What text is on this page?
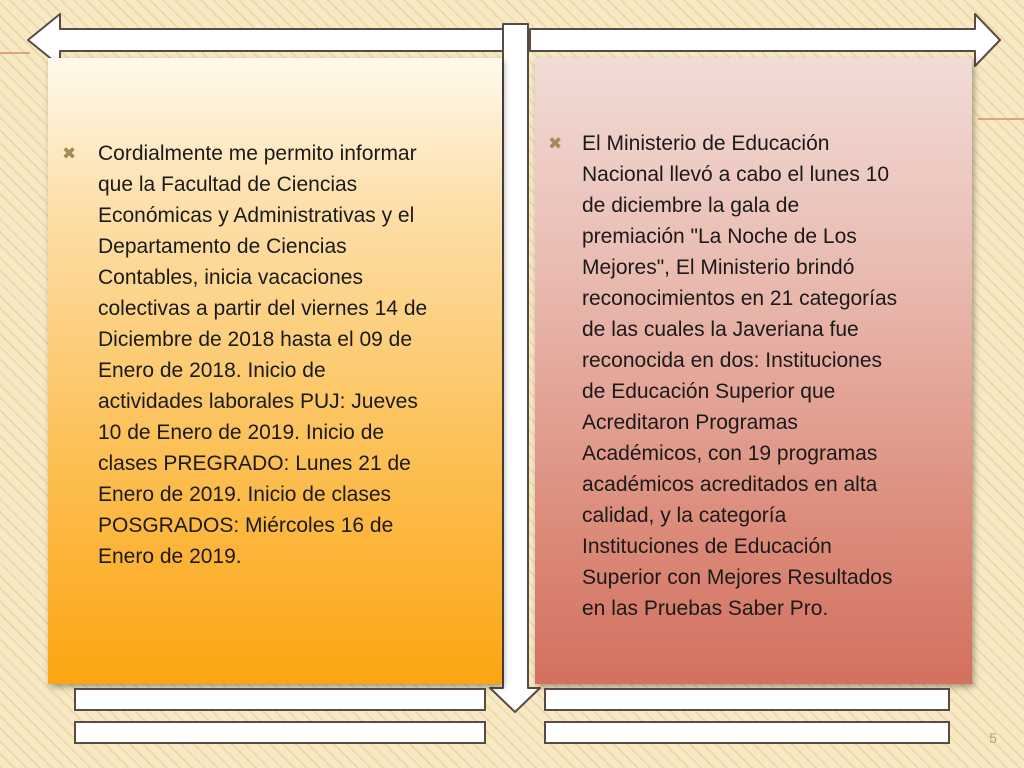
✖	Cordialmente me permito informar
que la Facultad de Ciencias
Económicas y Administrativas y el
Departamento de Ciencias
Contables, inicia vacaciones
colectivas a partir del viernes 14 de
Diciembre de 2018 hasta el 09 de
Enero de 2018. Inicio de
actividades laborales PUJ: Jueves
10 de Enero de 2019. Inicio de
clases PREGRADO: Lunes 21 de
Enero de 2019. Inicio de clases
POSGRADOS: Miércoles 16 de
Enero de 2019.
✖ El Ministerio de Educación
Nacional llevó a cabo el lunes 10
de diciembre la gala de
premiación "La Noche de Los
Mejores", El Ministerio brindó
reconocimientos en 21 categorías
de las cuales la Javeriana fue
reconocida en dos: Instituciones
de Educación Superior que
Acreditaron Programas
Académicos, con 19 programas
académicos acreditados en alta
calidad, y la categoría
Instituciones de Educación
Superior con Mejores Resultados
en las Pruebas Saber Pro.
5
